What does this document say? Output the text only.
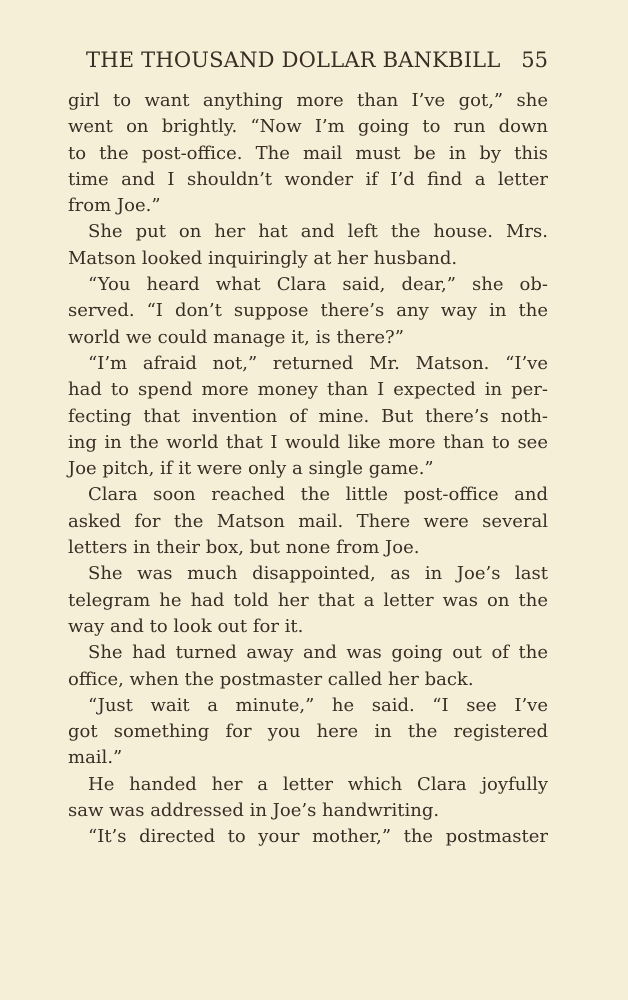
THE THOUSAND DOLLAR BANKBILL 55
girl to want anything more than I’ve got,” she
went on brightly. “Now I’m going to run down
to the post-office. The mail must be in by this
time and I shouldn’t wonder if I’d find a letter
from Joe.”
She put on her hat and left the house. Mrs.
Matson looked inquiringly at her husband.
“You heard what Clara said, dear,” she ob-
served. “I don’t suppose there’s any way in the
world we could manage it, is there?”
“I’m afraid not,” returned Mr. Matson. “I’ve
had to spend more money than I expected in per-
fecting that invention of mine. But there’s noth-
ing in the world that I would like more than to see
Joe pitch, if it were only a single game.”
Clara soon reached the little post-office and
asked for the Matson mail. There were several
letters in their box, but none from Joe.
She was much disappointed, as in Joe’s last
telegram he had told her that a letter was on the
way and to look out for it.
She had turned away and was going out of the
office, when the postmaster called her back.
“Just wait a minute,” he said. “I see I’ve
got something for you here in the registered
mail.”
He handed her a letter which Clara joyfully
saw was addressed in Joe’s handwriting.
“It’s directed to your mother,” the postmaster
